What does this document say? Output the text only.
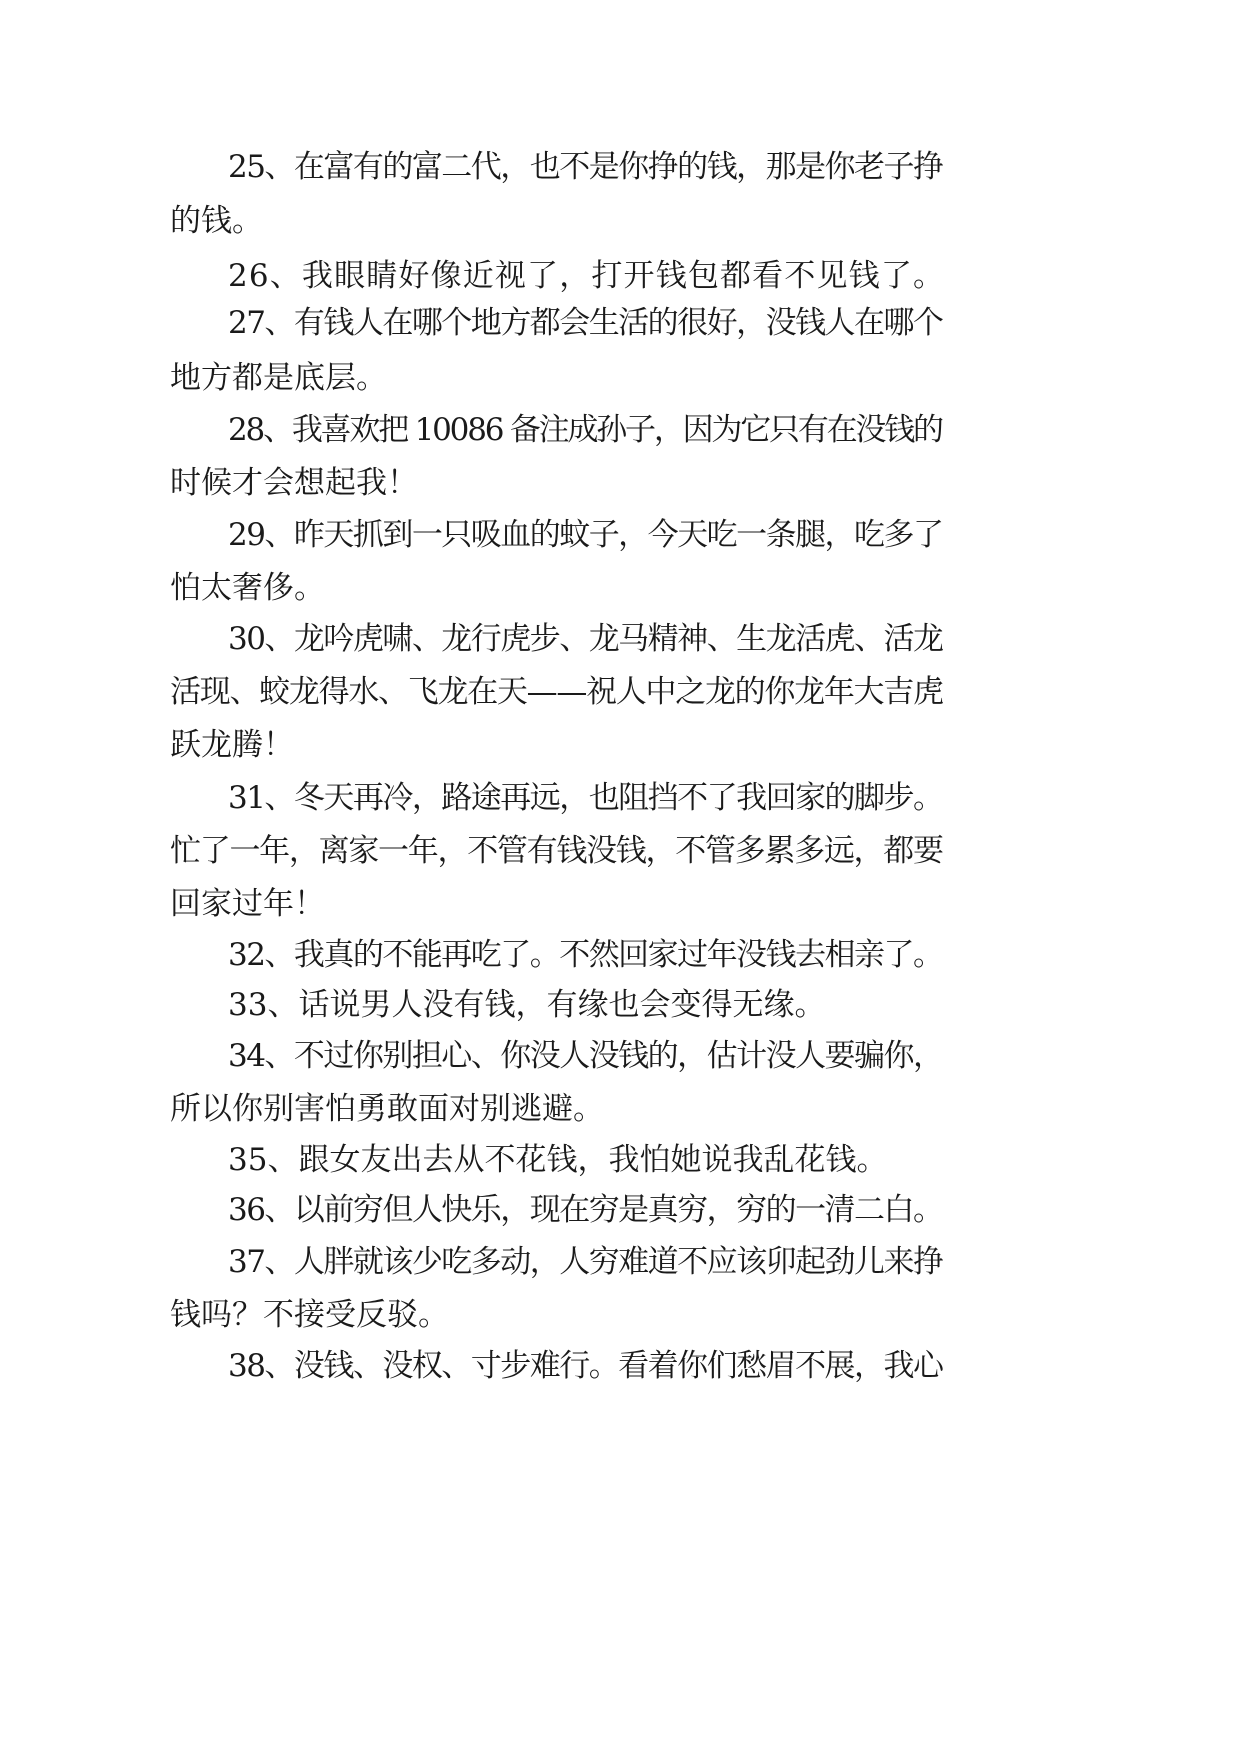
25、在富有的富二代，也不是你挣的钱，那是你老子挣
的钱。
26、我眼睛好像近视了，打开钱包都看不见钱了。
27、有钱人在哪个地方都会生活的很好，没钱人在哪个
地方都是底层。
28、我喜欢把 10086 备注成孙子，因为它只有在没钱的
时候才会想起我！
29、昨天抓到一只吸血的蚊子，今天吃一条腿，吃多了
怕太奢侈。
30、龙吟虎啸、龙行虎步、龙马精神、生龙活虎、活龙
活现、蛟龙得水、飞龙在天——祝人中之龙的你龙年大吉虎
跃龙腾！
31、冬天再冷，路途再远，也阻挡不了我回家的脚步。
忙了一年，离家一年，不管有钱没钱，不管多累多远，都要
回家过年！
32、我真的不能再吃了。不然回家过年没钱去相亲了。
33、话说男人没有钱，有缘也会变得无缘。
34、不过你别担心、你没人没钱的，估计没人要骗你，
所以你别害怕勇敢面对别逃避。
35、跟女友出去从不花钱，我怕她说我乱花钱。
36、以前穷但人快乐，现在穷是真穷，穷的一清二白。
37、人胖就该少吃多动，人穷难道不应该卯起劲儿来挣
钱吗？不接受反驳。
38、没钱、没权、寸步难行。看着你们愁眉不展，我心
